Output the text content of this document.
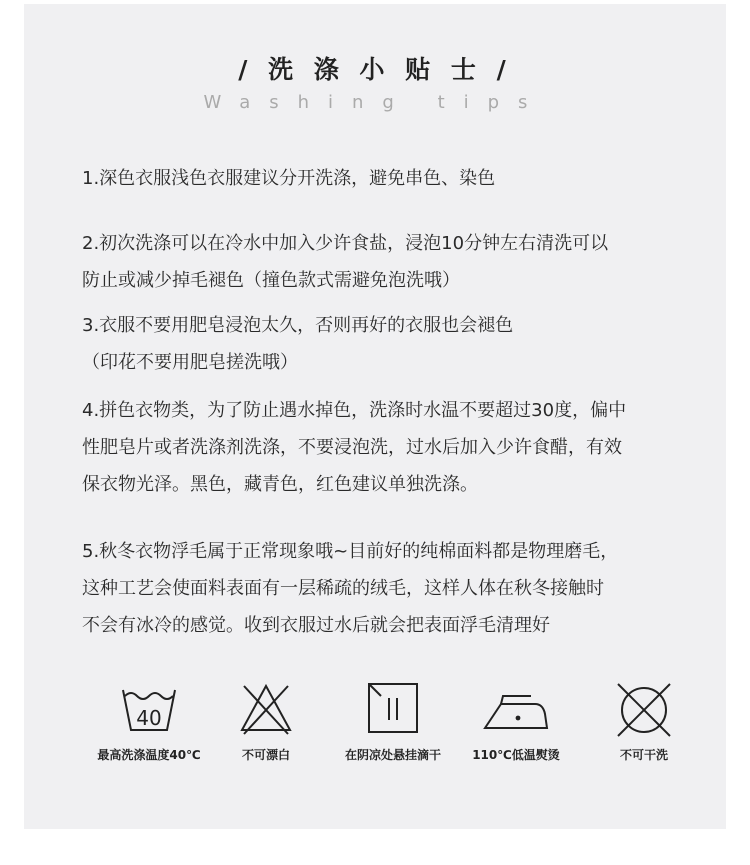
/ 洗 涤 小 贴 士 /
Washing tips

1.深色衣服浅色衣服建议分开洗涤，避免串色、染色

2.初次洗涤可以在冷水中加入少许食盐，浸泡10分钟左右清洗可以

防止或减少掉毛褪色（撞色款式需避免泡洗哦）

3.衣服不要用肥皂浸泡太久，否则再好的衣服也会褪色

（印花不要用肥皂搓洗哦）

4.拼色衣物类，为了防止遇水掉色，洗涤时水温不要超过30度，偏中

性肥皂片或者洗涤剂洗涤，不要浸泡洗，过水后加入少许食醋，有效

保衣物光泽。黑色，藏青色，红色建议单独洗涤。

5.秋冬衣物浮毛属于正常现象哦~目前好的纯棉面料都是物理磨毛，

这种工艺会使面料表面有一层稀疏的绒毛，这样人体在秋冬接触时

不会有冰冷的感觉。收到衣服过水后就会把表面浮毛清理好

40
最高洗涤温度40℃	不可漂白	在阴凉处悬挂滴干	110℃低温熨烫	不可干洗
